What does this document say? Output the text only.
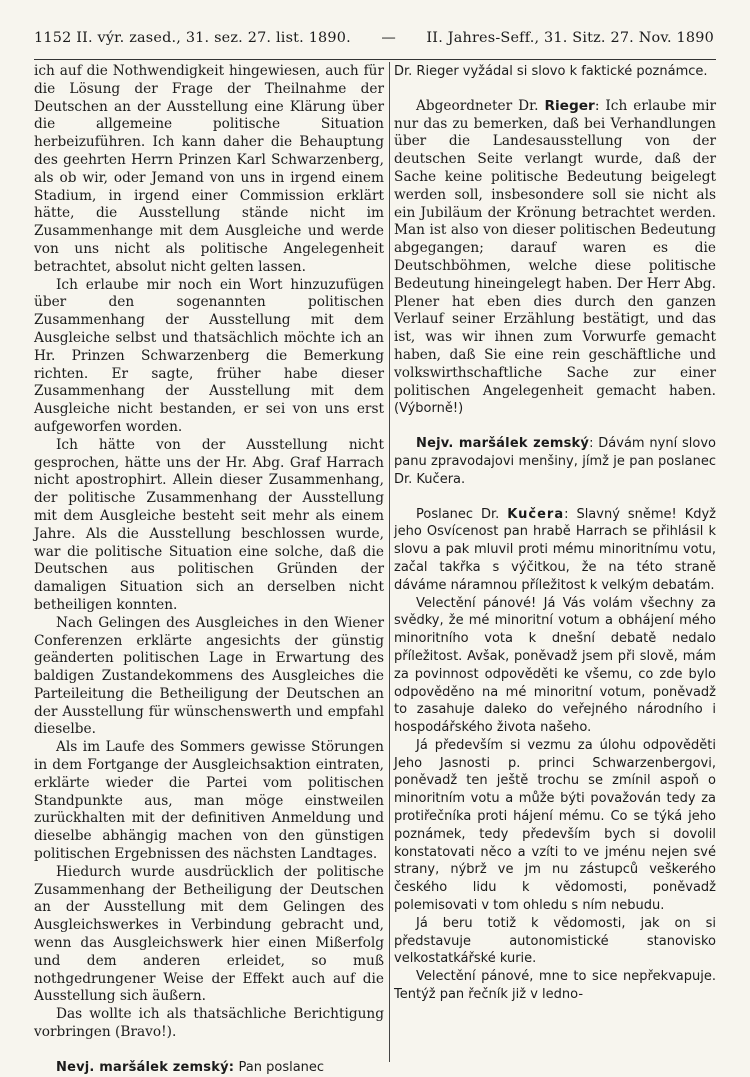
1152 II. výr. zased., 31. sez. 27. list. 1890. — II. Jahres-Seff., 31. Sitz. 27. Nov. 1890

ich auf die Nothwendigkeit hingewiesen, auch für die Lösung der Frage der Theilnahme der Deutschen an der Ausstellung eine Klärung über die allgemeine politische Situation herbeizuführen. Ich kann daher die Behauptung des geehrten Herrn Prinzen Karl Schwarzenberg, als ob wir, oder Jemand von uns in irgend einem Stadium, in irgend einer Commission erklärt hätte, die Ausstellung stände nicht im Zusammenhange mit dem Ausgleiche und werde von uns nicht als politische Angelegenheit betrachtet, absolut nicht gelten lassen.

Ich erlaube mir noch ein Wort hinzuzufügen über den sogenannten politischen Zusammenhang der Ausstellung mit dem Ausgleiche selbst und thatsächlich möchte ich an Hr. Prinzen Schwarzenberg die Bemerkung richten. Er sagte, früher habe dieser Zusammenhang der Ausstellung mit dem Ausgleiche nicht bestanden, er sei von uns erst aufgeworfen worden.

Ich hätte von der Ausstellung nicht gesprochen, hätte uns der Hr. Abg. Graf Harrach nicht apostrophirt. Allein dieser Zusammenhang, der politische Zusammenhang der Ausstellung mit dem Ausgleiche besteht seit mehr als einem Jahre. Als die Ausstellung beschlossen wurde, war die politische Situation eine solche, daß die Deutschen aus politischen Gründen der damaligen Situation sich an derselben nicht betheiligen konnten.

Nach Gelingen des Ausgleiches in den Wiener Conferenzen erklärte angesichts der günstig geänderten politischen Lage in Erwartung des baldigen Zustandekommens des Ausgleiches die Parteileitung die Betheiligung der Deutschen an der Ausstellung für wünschenswerth und empfahl dieselbe.

Als im Laufe des Sommers gewisse Störungen in dem Fortgange der Ausgleichsaktion eintraten, erklärte wieder die Partei vom politischen Standpunkte aus, man möge einstweilen zurückhalten mit der definitiven Anmeldung und dieselbe abhängig machen von den günstigen politischen Ergebnissen des nächsten Landtages.

Hiedurch wurde ausdrücklich der politische Zusammenhang der Betheiligung der Deutschen an der Ausstellung mit dem Gelingen des Ausgleichswerkes in Verbindung gebracht und, wenn das Ausgleichswerk hier einen Mißerfolg und dem anderen erleidet, so muß nothgedrungener Weise der Effekt auch auf die Ausstellung sich äußern.

Das wollte ich als thatsächliche Berichtigung vorbringen (Bravo!).

Nevj. maršálek zemský: Pan poslanec

Dr. Rieger vyžádal si slovo k faktické poznámce.

Abgeordneter Dr. Rieger: Ich erlaube mir nur das zu bemerken, daß bei Verhandlungen über die Landesausstellung von der deutschen Seite verlangt wurde, daß der Sache keine politische Bedeutung beigelegt werden soll, insbesondere soll sie nicht als ein Jubiläum der Krönung betrachtet werden. Man ist also von dieser politischen Bedeutung abgegangen; darauf waren es die Deutschböhmen, welche diese politische Bedeutung hineingelegt haben. Der Herr Abg. Plener hat eben dies durch den ganzen Verlauf seiner Erzählung bestätigt, und das ist, was wir ihnen zum Vorwurfe gemacht haben, daß Sie eine rein geschäftliche und volkswirthschaftliche Sache zur einer politischen Angelegenheit gemacht haben. (Výborně!)

Nejv. maršálek zemský: Dávám nyní slovo panu zpravodajovi menšiny, jímž je pan poslanec Dr. Kučera.

Poslanec Dr. Kučera: Slavný sněme! Když jeho Osvícenost pan hrabě Harrach se přihlásil k slovu a pak mluvil proti mému minoritnímu votu, začal takřka s výčitkou, že na této straně dáváme náramnou příležitost k velkým debatám.

Velectění pánové! Já Vás volám všechny za svědky, že mé minoritní votum a obhájení mého minoritního vota k dnešní debatě nedalo příležitost. Avšak, poněvadž jsem při slově, mám za povinnost odpověděti ke všemu, co zde bylo odpověděno na mé minoritní votum, poněvadž to zasahuje daleko do veřejného národního i hospodářského života našeho.

Já především si vezmu za úlohu odpověděti Jeho Jasnosti p. princi Schwarzenbergovi, poněvadž ten ještě trochu se zmínil aspoň o minoritním votu a může býti považován tedy za protiřečníka proti hájení mému. Co se týká jeho poznámek, tedy především bych si dovolil konstatovati něco a vzíti to ve jménu nejen své strany, nýbrž ve jm nu zástupců veškerého českého lidu k vědomosti, poněvadž polemisovati v tom ohledu s ním nebudu.

Já beru totiž k vědomosti, jak on si představuje autonomistické stanovisko velkostatkářské kurie.

Velectění pánové, mne to sice nepřekvapuje. Tentýž pan řečník již v ledno-
